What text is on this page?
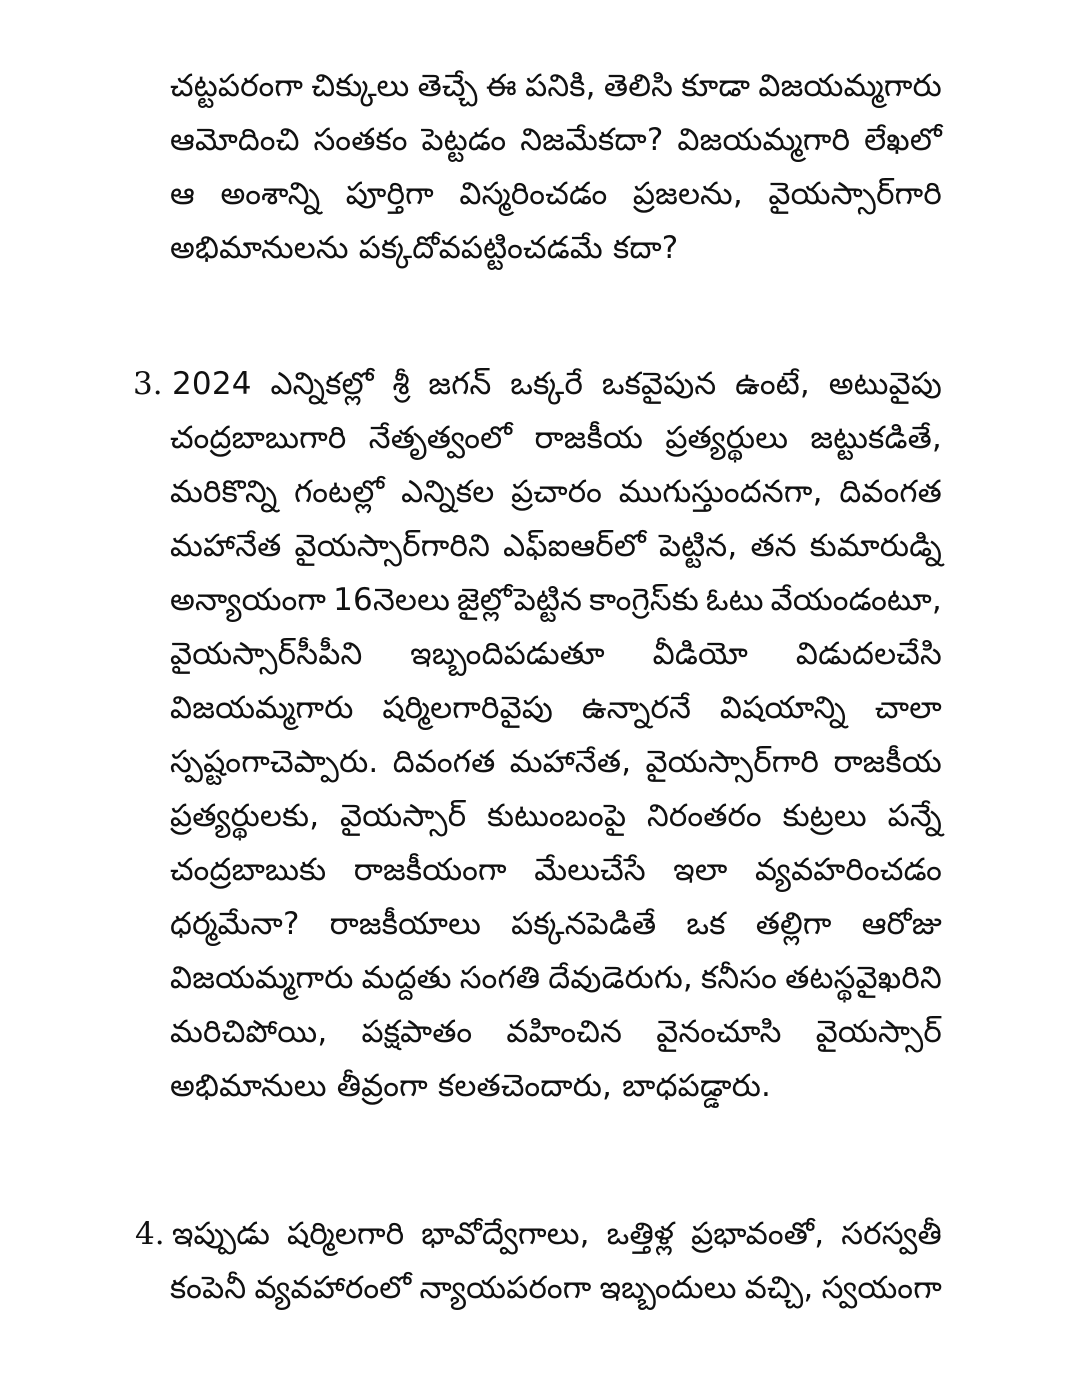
చట్టపరంగా చిక్కులు తెచ్చే ఈ పనికి, తెలిసి కూడా విజయమ్మగారు
ఆమోదించి సంతకం పెట్టడం నిజమేకదా? విజయమ్మగారి లేఖలో
ఆ అంశాన్ని పూర్తిగా విస్మరించడం ప్రజలను, వైయస్సార్‌గారి
అభిమానులను పక్కదోవపట్టించడమే కదా?
3. 2024 ఎన్నికల్లో శ్రీ జగన్ ఒక్కరే ఒకవైపున ఉంటే, అటువైపు
చంద్రబాబుగారి నేతృత్వంలో రాజకీయ ప్రత్యర్థులు జట్టుకడితే,
మరికొన్ని గంటల్లో ఎన్నికల ప్రచారం ముగుస్తుందనగా, దివంగత
మహానేత వైయస్సార్‌గారిని ఎఫ్ఐఆర్‌లో పెట్టిన, తన కుమారుడ్ని
అన్యాయంగా 16నెలలు జైల్లోపెట్టిన కాంగ్రెస్‌కు ఓటు వేయండంటూ,
వైయస్సార్‌సీపీని ఇబ్బందిపడుతూ వీడియో విడుదలచేసి
విజయమ్మగారు షర్మిలగారివైపు ఉన్నారనే విషయాన్ని చాలా
స్పష్టంగాచెప్పారు. దివంగత మహానేత, వైయస్సార్‌గారి రాజకీయ
ప్రత్యర్థులకు, వైయస్సార్ కుటుంబంపై నిరంతరం కుట్రలు పన్నే
చంద్రబాబుకు రాజకీయంగా మేలుచేసే ఇలా వ్యవహరించడం
ధర్మమేనా? రాజకీయాలు పక్కనపెడితే ఒక తల్లిగా ఆరోజు
విజయమ్మగారు మద్దతు సంగతి దేవుడెరుగు, కనీసం తటస్థవైఖరిని
మరిచిపోయి, పక్షపాతం వహించిన వైనంచూసి వైయస్సార్
అభిమానులు తీవ్రంగా కలతచెందారు, బాధపడ్డారు.
4. ఇప్పుడు షర్మిలగారి భావోద్వేగాలు, ఒత్తిళ్ల ప్రభావంతో, సరస్వతీ
కంపెనీ వ్యవహారంలో న్యాయపరంగా ఇబ్బందులు వచ్చి, స్వయంగా
